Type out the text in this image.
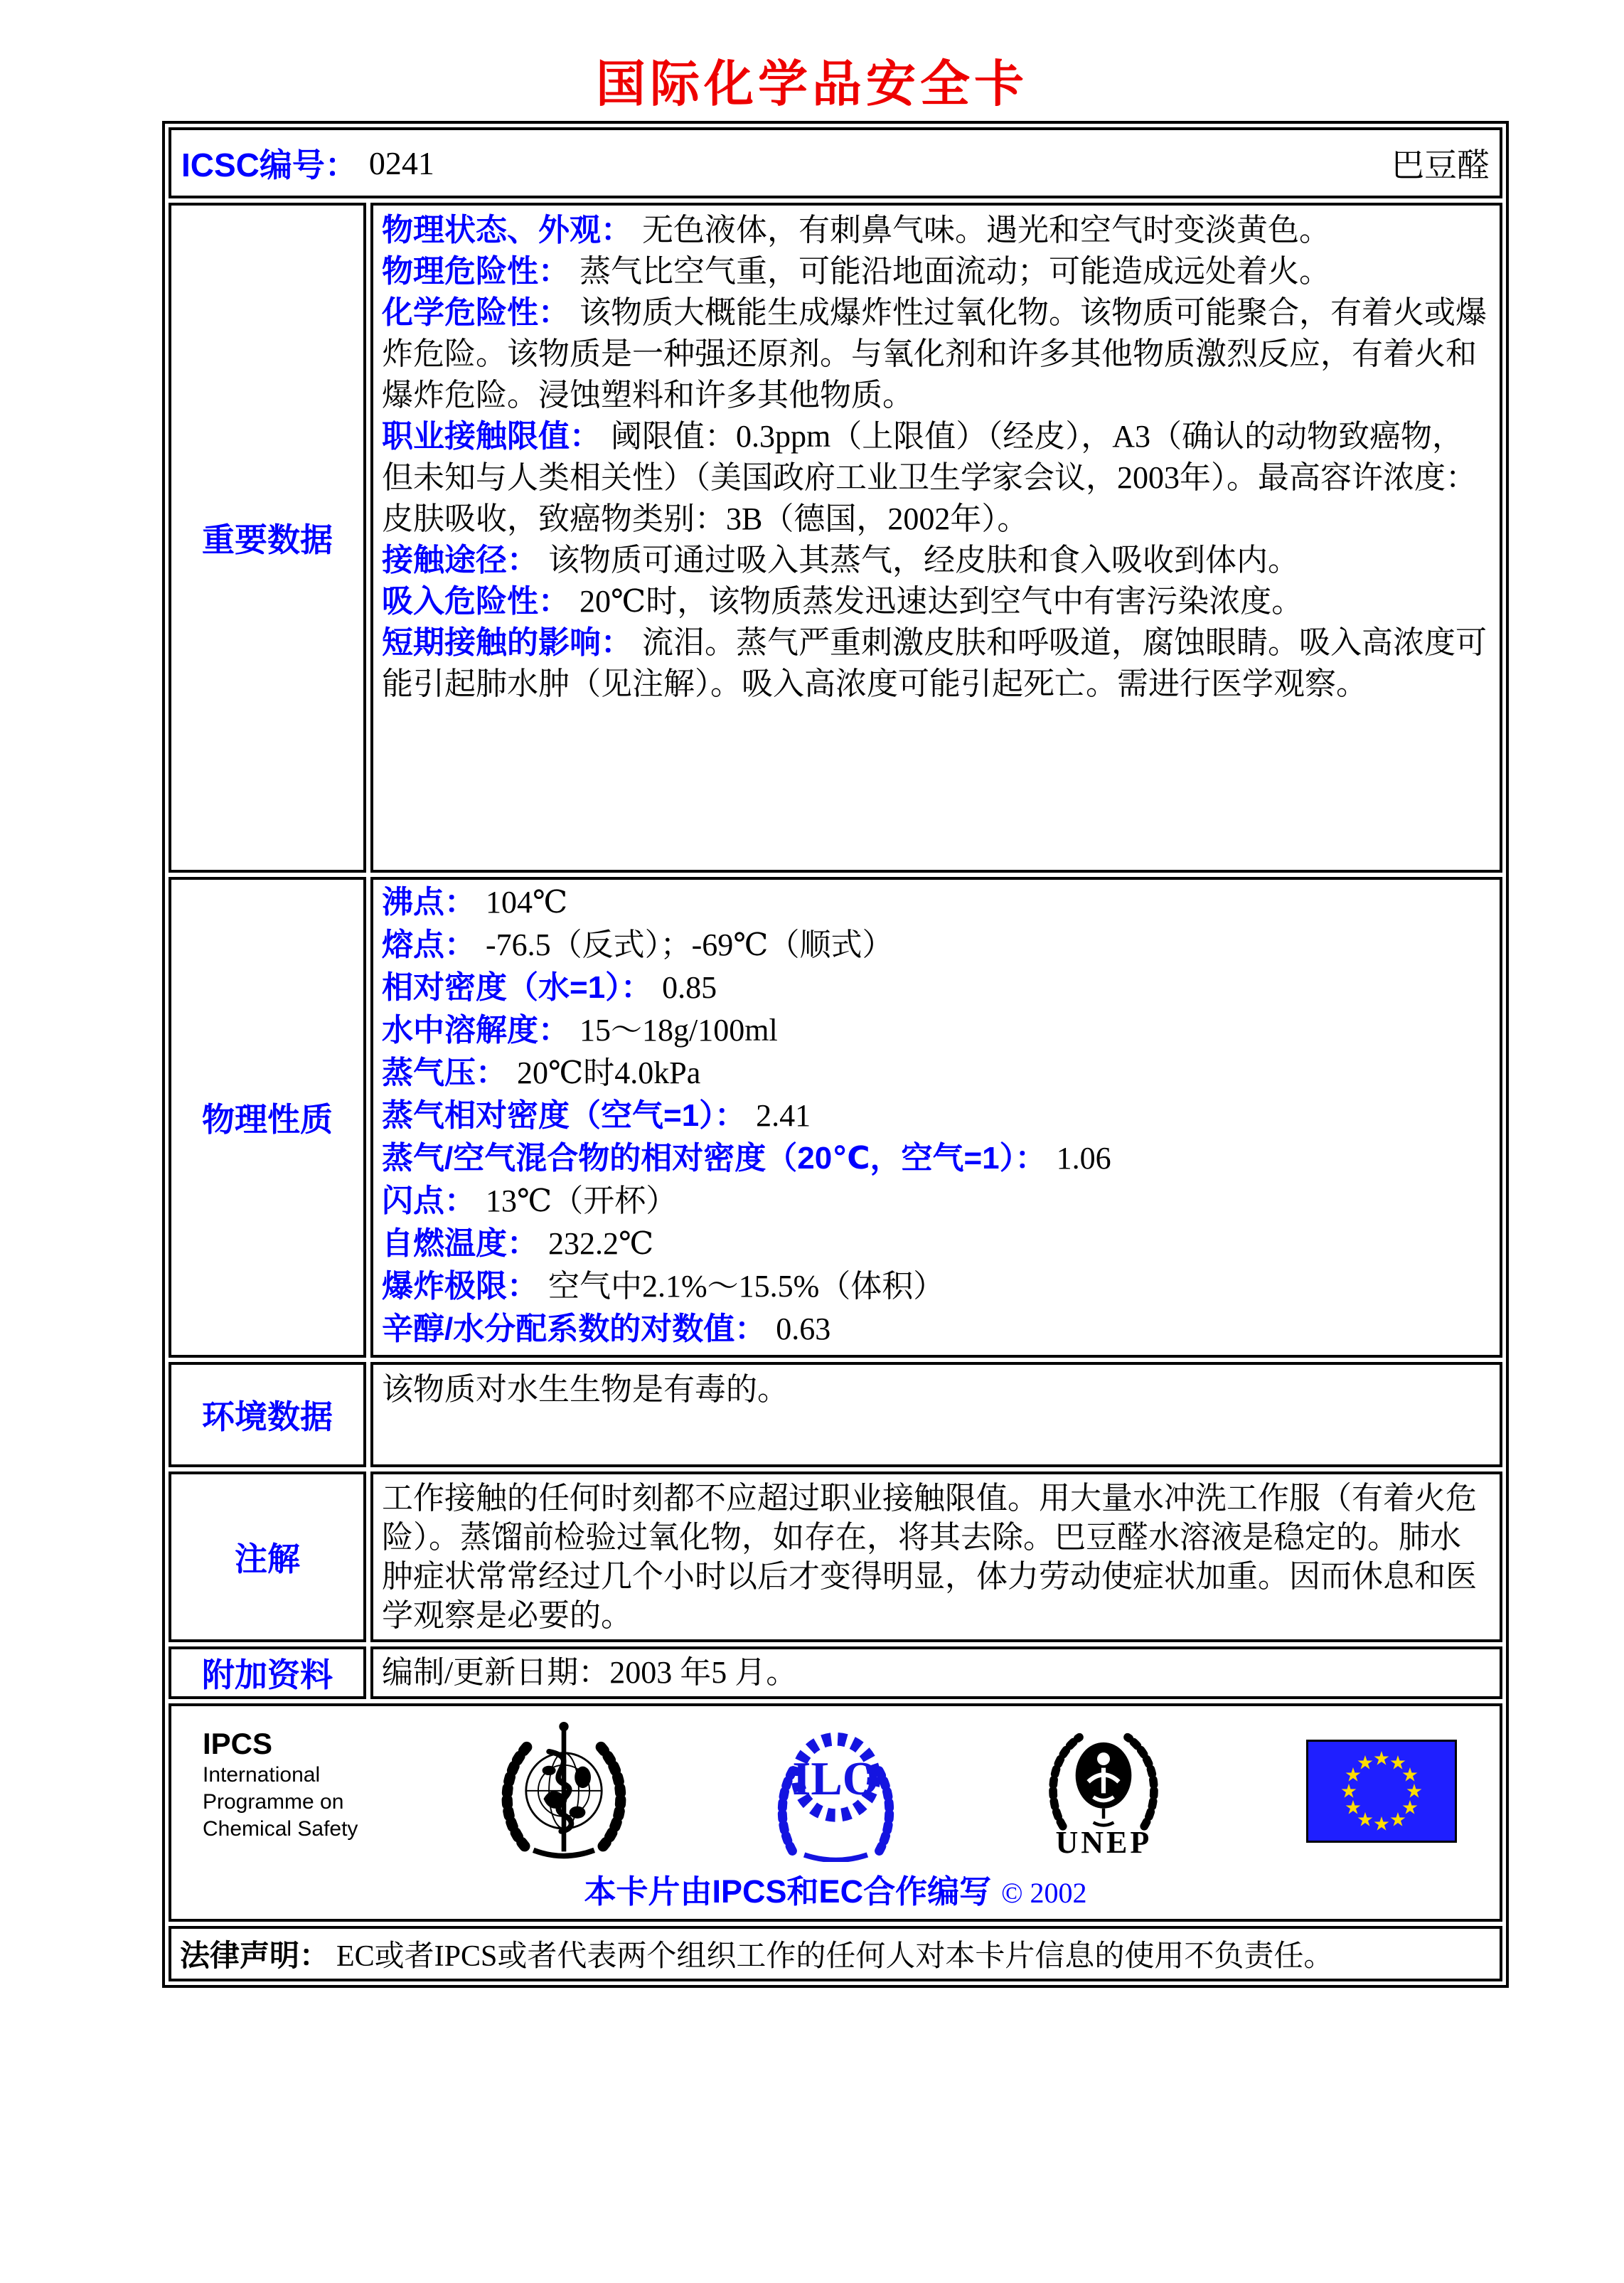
国际化学品安全卡
ICSC编号： 0241	巴豆醛
重要数据

物理状态、外观： 无色液体，有刺鼻气味。遇光和空气时变淡黄色。

物理危险性： 蒸气比空气重，可能沿地面流动；可能造成远处着火。

化学危险性： 该物质大概能生成爆炸性过氧化物。该物质可能聚合，有着火或爆炸危险。该物质是一种强还原剂。与氧化剂和许多其他物质激烈反应，有着火和爆炸危险。浸蚀塑料和许多其他物质。

职业接触限值： 阈限值：0.3ppm（上限值）（经皮），A3（确认的动物致癌物，但未知与人类相关性）（美国政府工业卫生学家会议，2003年）。最高容许浓度：皮肤吸收，致癌物类别：3B（德国，2002年）。

接触途径： 该物质可通过吸入其蒸气，经皮肤和食入吸收到体内。

吸入危险性： 20℃时，该物质蒸发迅速达到空气中有害污染浓度。

短期接触的影响： 流泪。蒸气严重刺激皮肤和呼吸道，腐蚀眼睛。吸入高浓度可能引起肺水肿（见注解）。吸入高浓度可能引起死亡。需进行医学观察。

物理性质

沸点： 104℃

熔点： -76.5（反式）；-69℃（顺式）

相对密度（水=1）： 0.85

水中溶解度： 15～18g/100ml

蒸气压： 20℃时4.0kPa

蒸气相对密度（空气=1）： 2.41

蒸气/空气混合物的相对密度（20℃，空气=1）： 1.06

闪点： 13℃（开杯）

自燃温度： 232.2℃

爆炸极限： 空气中2.1%～15.5%（体积）

辛醇/水分配系数的对数值： 0.63

环境数据

该物质对水生生物是有毒的。

注解

工作接触的任何时刻都不应超过职业接触限值。用大量水冲洗工作服（有着火危险）。蒸馏前检验过氧化物，如存在，将其去除。巴豆醛水溶液是稳定的。肺水肿症状常常经过几个小时以后才变得明显，体力劳动使症状加重。因而休息和医学观察是必要的。

附加资料 编制/更新日期：2003 年5 月。

IPCS
International
Programme on
Chemical Safety
ILO
UNEP
★
★
★
★
★
★
★
★
★
★
★
★
本卡片由IPCS和EC合作编写 © 2002
法律声明： EC或者IPCS或者代表两个组织工作的任何人对本卡片信息的使用不负责任。
